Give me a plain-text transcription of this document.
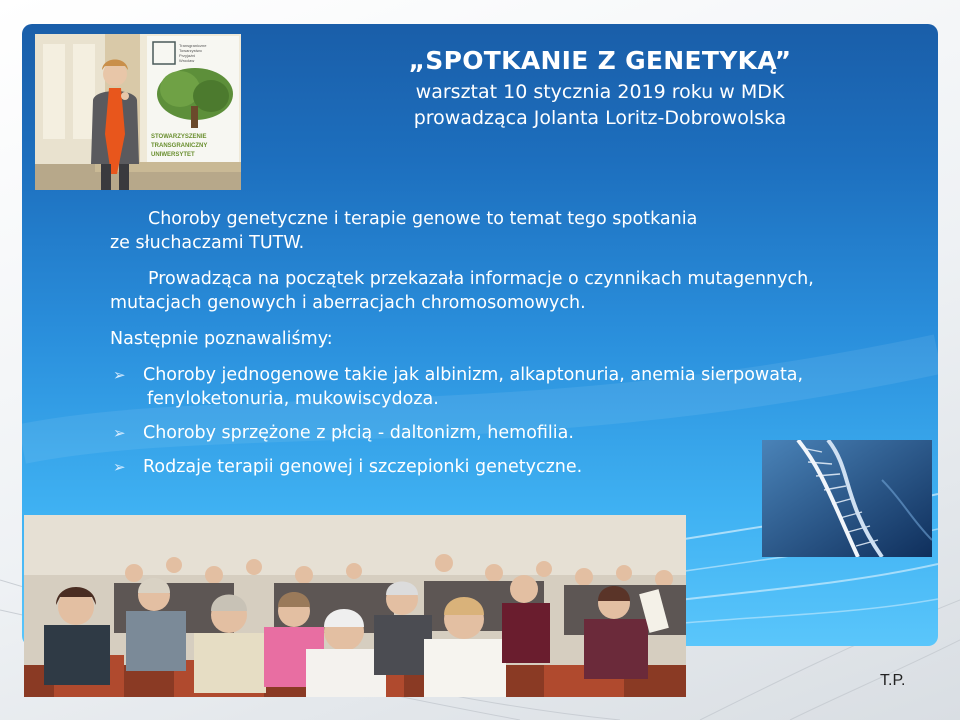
Transgraniczne
Towarzystwo
Przyjaźni
Wrocław
STOWARZYSZENIE
TRANSGRANICZNY
UNIWERSYTET
„SPOTKANIE Z GENETYKĄ”
warsztat 10 stycznia 2019 roku w MDK
prowadząca Jolanta Loritz-Dobrowolska

Choroby genetyczne i terapie genowe to temat tego spotkania
ze słuchaczami TUTW.

Prowadząca na początek przekazała informacje o czynnikach mutagennych,
mutacjach genowych i aberracjach chromosomowych.

Następnie poznawaliśmy:

➢ Choroby jednogenowe takie jak albinizm, alkaptonuria, anemia sierpowata,
fenyloketonuria, mukowiscydoza.
➢ Choroby sprzężone z płcią - daltonizm, hemofilia.
➢ Rodzaje terapii genowej i szczepionki genetyczne.
T.P.
